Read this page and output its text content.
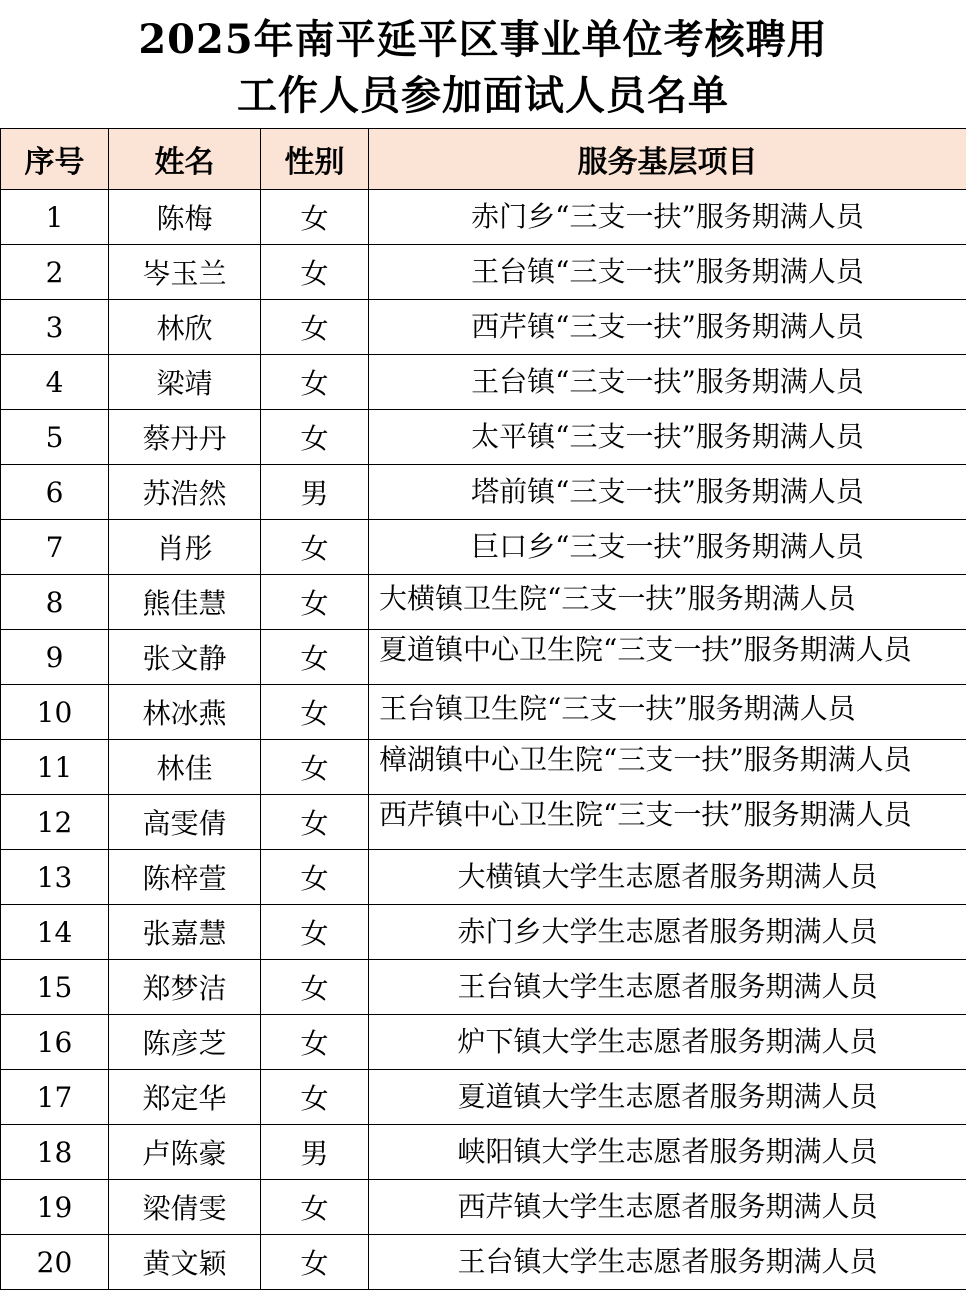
2025年南平延平区事业单位考核聘用
工作人员参加面试人员名单
序号	姓名	性别	服务基层项目
1	陈梅	女	赤门乡“三支一扶”服务期满人员

2	岑玉兰	女	王台镇“三支一扶”服务期满人员

3	林欣	女	西芹镇“三支一扶”服务期满人员

4	梁靖	女	王台镇“三支一扶”服务期满人员

5	蔡丹丹	女	太平镇“三支一扶”服务期满人员

6	苏浩然	男	塔前镇“三支一扶”服务期满人员

7	肖彤	女	巨口乡“三支一扶”服务期满人员

8	熊佳慧	女	大横镇卫生院“三支一扶”服务期满人员

9	张文静	女	夏道镇中心卫生院“三支一扶”服务期满人员

10	林冰燕	女	王台镇卫生院“三支一扶”服务期满人员

11	林佳	女	樟湖镇中心卫生院“三支一扶”服务期满人员

12	高雯倩	女	西芹镇中心卫生院“三支一扶”服务期满人员

13	陈梓萱	女	大横镇大学生志愿者服务期满人员

14	张嘉慧	女	赤门乡大学生志愿者服务期满人员

15	郑梦洁	女	王台镇大学生志愿者服务期满人员

16	陈彦芝	女	炉下镇大学生志愿者服务期满人员

17	郑定华	女	夏道镇大学生志愿者服务期满人员

18	卢陈豪	男	峡阳镇大学生志愿者服务期满人员

19	梁倩雯	女	西芹镇大学生志愿者服务期满人员

20	黄文颖	女	王台镇大学生志愿者服务期满人员
